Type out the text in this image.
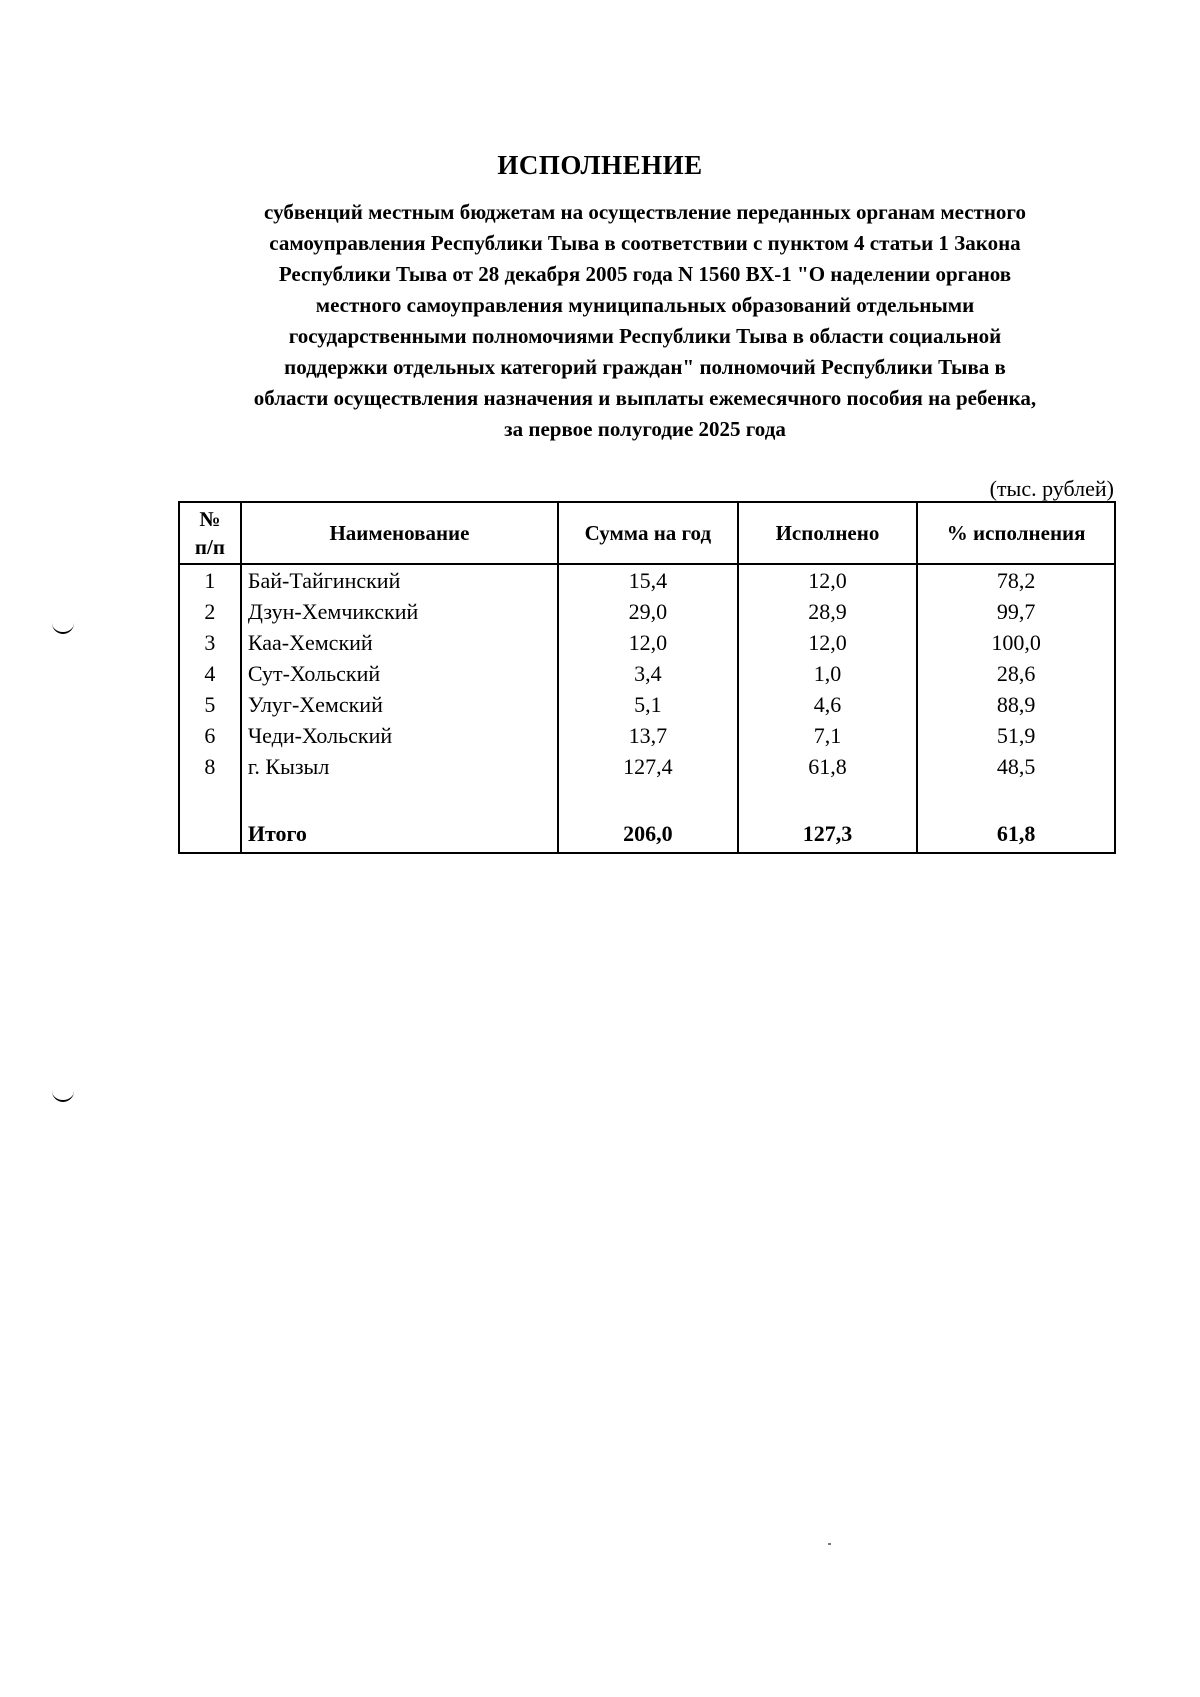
ИСПОЛНЕНИЕ
субвенций местным бюджетам на осуществление переданных органам местного
самоуправления Республики Тыва в соответствии с пунктом 4 статьи 1 Закона
Республики Тыва от 28 декабря 2005 года N 1560 ВХ-1 "О наделении органов
местного самоуправления муниципальных образований отдельными
государственными полномочиями Республики Тыва в области социальной
поддержки отдельных категорий граждан" полномочий Республики Тыва в
области осуществления назначения и выплаты ежемесячного пособия на ребенка,
за первое полугодие 2025 года
(тыс. рублей)
№
п/п	Наименование	Сумма на год	Исполнено	% исполнения
1	Бай-Тайгинский	15,4	12,0	78,2
2	Дзун-Хемчикский	29,0	28,9	99,7
3	Каа-Хемский	12,0	12,0	100,0
4	Сут-Хольский	3,4	1,0	28,6
5	Улуг-Хемский	5,1	4,6	88,9
6	Чеди-Хольский	13,7	7,1	51,9
8	г. Кызыл	127,4	61,8	48,5

	Итого	206,0	127,3	61,8
